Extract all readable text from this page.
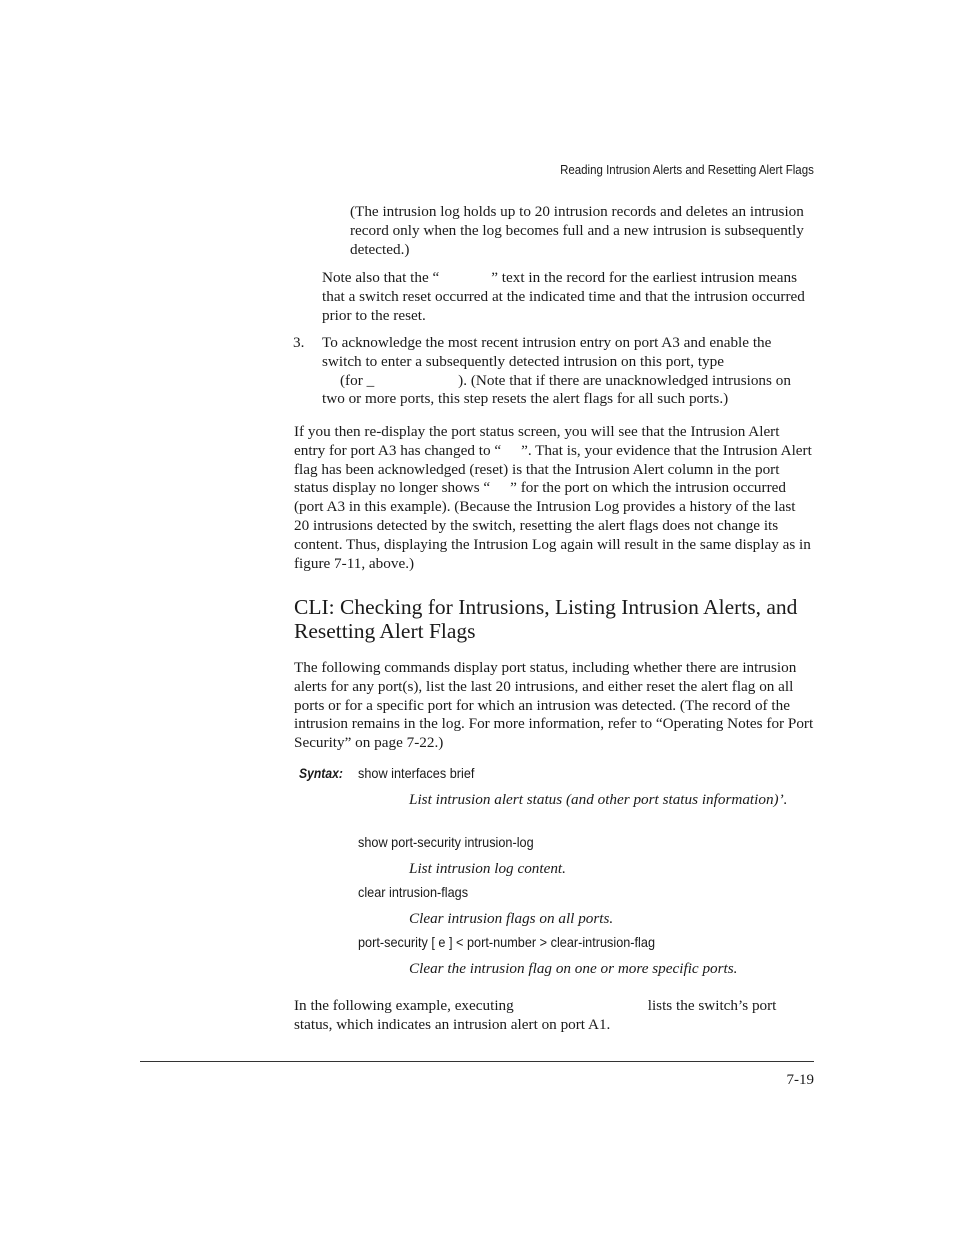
Reading Intrusion Alerts and Resetting Alert Flags
(The intrusion log holds up to 20 intrusion records and deletes an intrusion record only when the log becomes full and a new intrusion is subsequently detected.)
Note also that the “	” text in the record for the earliest intrusion means that a switch reset occurred at the indicated time and that the intrusion occurred prior to the reset.
3. To acknowledge the most recent intrusion entry on port A3 and enable the switch to enter a subsequently detected intrusion on this port, type
(for _	). (Note that if there are unacknowledged intrusions on two or more ports, this step resets the alert flags for all such ports.)
If you then re-display the port status screen, you will see that the Intrusion Alert entry for port A3 has changed to “ ”. That is, your evidence that the Intrusion Alert flag has been acknowledged (reset) is that the Intrusion Alert column in the port status display no longer shows “ ” for the port on which the intrusion occurred (port A3 in this example). (Because the Intrusion Log provides a history of the last 20 intrusions detected by the switch, resetting the alert flags does not change its content. Thus, displaying the Intrusion Log again will result in the same display as in figure 7-11, above.)
CLI: Checking for Intrusions, Listing Intrusion Alerts, and Resetting Alert Flags
The following commands display port status, including whether there are intrusion alerts for any port(s), list the last 20 intrusions, and either reset the alert flag on all ports or for a specific port for which an intrusion was detected. (The record of the intrusion remains in the log. For more information, refer to “Operating Notes for Port Security” on page 7-22.)
Syntax: show interfaces brief
List intrusion alert status (and other port status information)’.
show port-security intrusion-log
List intrusion log content.
clear intrusion-flags
Clear intrusion flags on all ports.
port-security [ e ] < port-number > clear-intrusion-flag
Clear the intrusion flag on one or more specific ports.
In the following example, executing	lists the switch’s port status, which indicates an intrusion alert on port A1.
7-19
